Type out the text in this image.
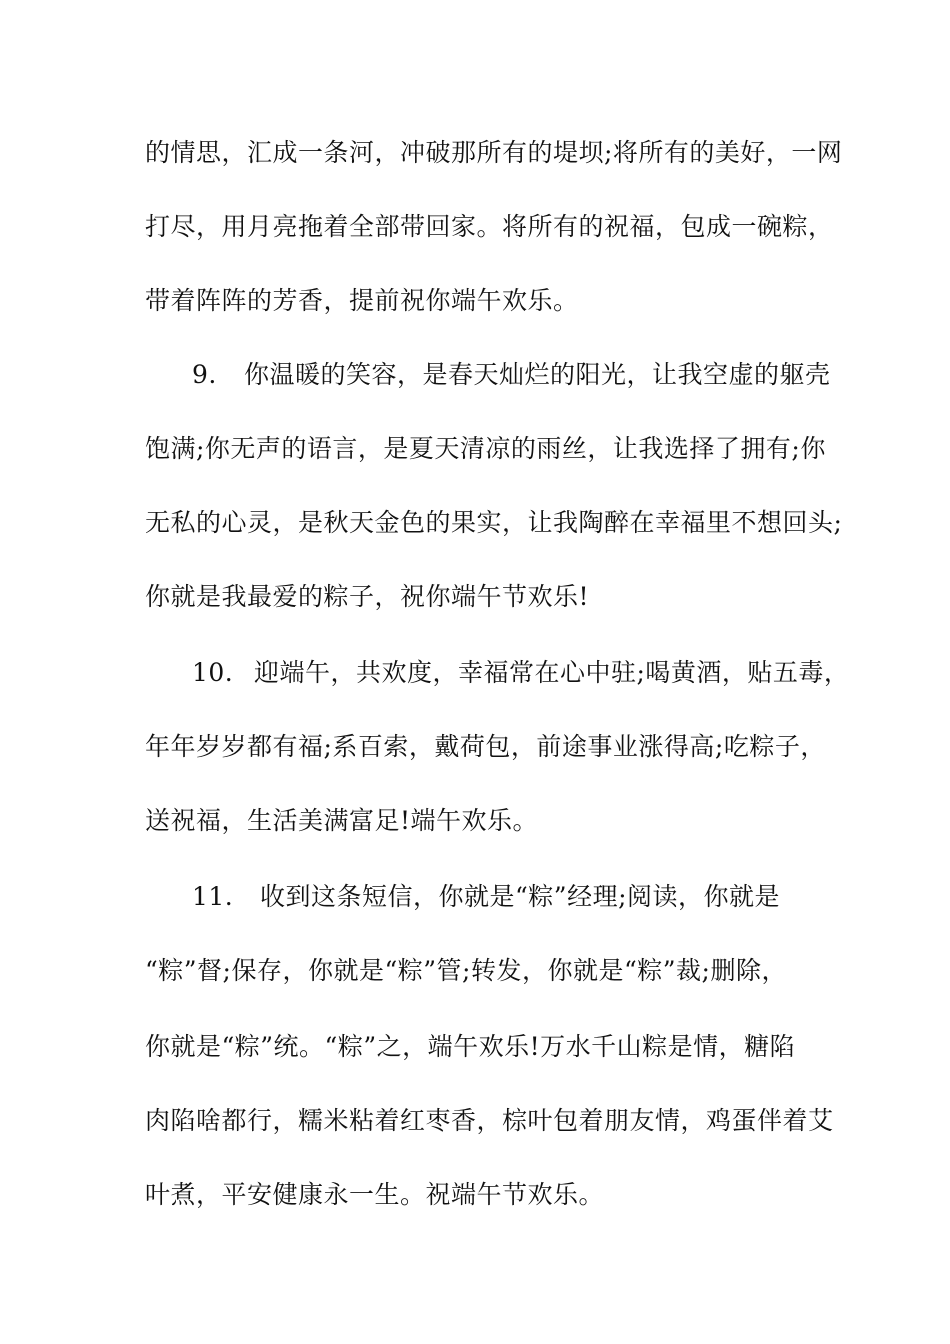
的情思，汇成一条河，冲破那所有的堤坝;将所有的美好，一网
打尽，用月亮拖着全部带回家。将所有的祝福，包成一碗粽，
带着阵阵的芳香，提前祝你端午欢乐。
9. 你温暖的笑容，是春天灿烂的阳光，让我空虚的躯壳
饱满;你无声的语言，是夏天清凉的雨丝，让我选择了拥有;你
无私的心灵，是秋天金色的果实，让我陶醉在幸福里不想回头;
你就是我最爱的粽子，祝你端午节欢乐!
10. 迎端午，共欢度，幸福常在心中驻;喝黄酒，贴五毒，
年年岁岁都有福;系百索，戴荷包，前途事业涨得高;吃粽子，
送祝福，生活美满富足!端午欢乐。
11. 收到这条短信，你就是“粽”经理;阅读，你就是
“粽”督;保存，你就是“粽”管;转发，你就是“粽”裁;删除，
你就是“粽”统。“粽”之，端午欢乐!万水千山粽是情，糖陷
肉陷啥都行，糯米粘着红枣香，棕叶包着朋友情，鸡蛋伴着艾
叶煮，平安健康永一生。祝端午节欢乐。
